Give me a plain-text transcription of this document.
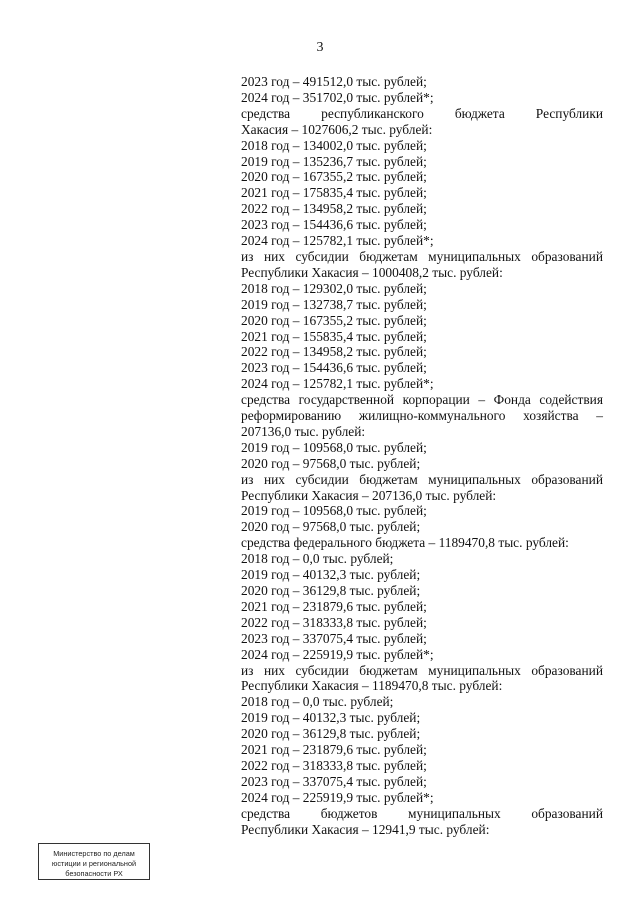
3

2023 год – 491512,0 тыс. рублей;

2024 год – 351702,0 тыс. рублей*;

средства республиканского бюджета Республики

Хакасия – 1027606,2 тыс. рублей:

2018 год – 134002,0 тыс. рублей;

2019 год – 135236,7 тыс. рублей;

2020 год – 167355,2 тыс. рублей;

2021 год – 175835,4 тыс. рублей;

2022 год – 134958,2 тыс. рублей;

2023 год – 154436,6 тыс. рублей;

2024 год – 125782,1 тыс. рублей*;

из них субсидии бюджетам муниципальных образований

Республики Хакасия – 1000408,2 тыс. рублей:

2018 год – 129302,0 тыс. рублей;

2019 год – 132738,7 тыс. рублей;

2020 год – 167355,2 тыс. рублей;

2021 год – 155835,4 тыс. рублей;

2022 год – 134958,2 тыс. рублей;

2023 год – 154436,6 тыс. рублей;

2024 год – 125782,1 тыс. рублей*;

средства государственной корпорации – Фонда содействия

реформированию жилищно-коммунального хозяйства –

207136,0 тыс. рублей:

2019 год – 109568,0 тыс. рублей;

2020 год – 97568,0 тыс. рублей;

из них субсидии бюджетам муниципальных образований

Республики Хакасия – 207136,0 тыс. рублей:

2019 год – 109568,0 тыс. рублей;

2020 год – 97568,0 тыс. рублей;

средства федерального бюджета – 1189470,8 тыс. рублей:

2018 год – 0,0 тыс. рублей;

2019 год – 40132,3 тыс. рублей;

2020 год – 36129,8 тыс. рублей;

2021 год – 231879,6 тыс. рублей;

2022 год – 318333,8 тыс. рублей;

2023 год – 337075,4 тыс. рублей;

2024 год – 225919,9 тыс. рублей*;

из них субсидии бюджетам муниципальных образований

Республики Хакасия – 1189470,8 тыс. рублей:

2018 год – 0,0 тыс. рублей;

2019 год – 40132,3 тыс. рублей;

2020 год – 36129,8 тыс. рублей;

2021 год – 231879,6 тыс. рублей;

2022 год – 318333,8 тыс. рублей;

2023 год – 337075,4 тыс. рублей;

2024 год – 225919,9 тыс. рублей*;

средства бюджетов муниципальных образований

Республики Хакасия – 12941,9 тыс. рублей:

Министерство по делам
юстиции и региональной
безопасности РХ
